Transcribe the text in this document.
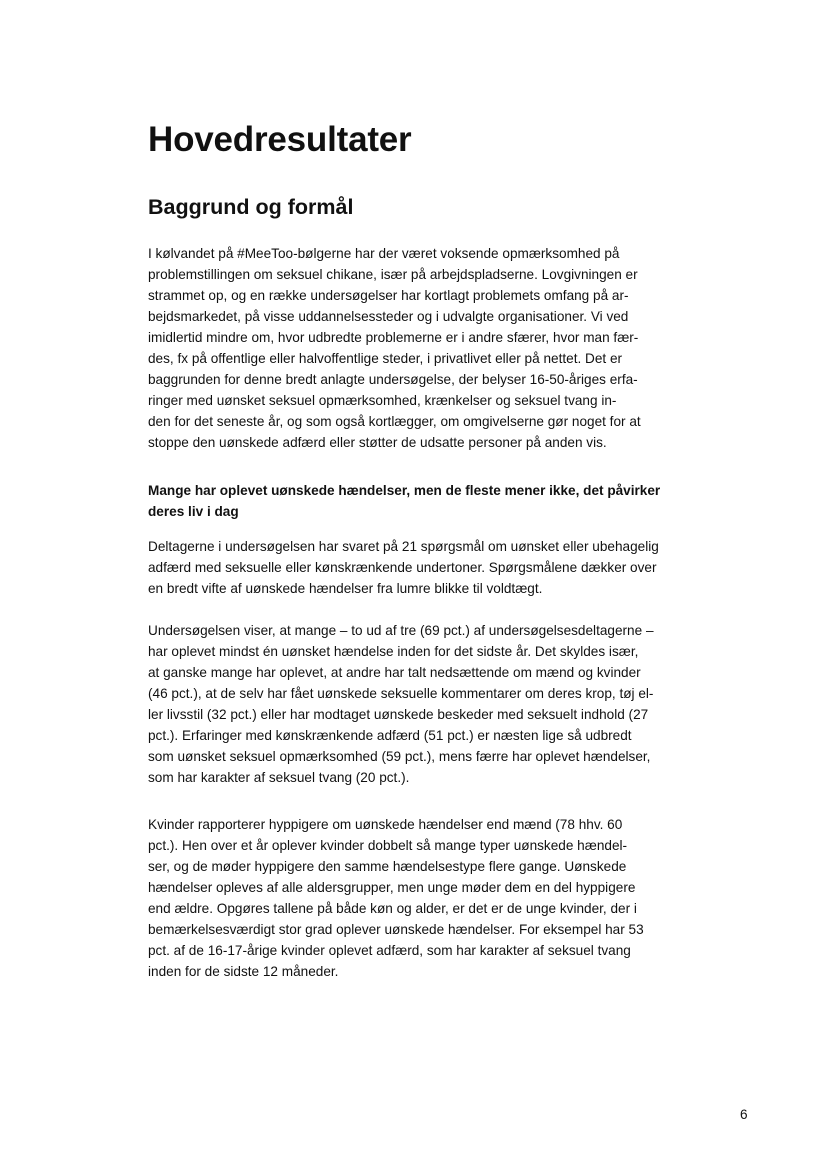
Hovedresultater
Baggrund og formål

I kølvandet på #MeeToo-bølgerne har der været voksende opmærksomhed på

problemstillingen om seksuel chikane, især på arbejdspladserne. Lovgivningen er

strammet op, og en række undersøgelser har kortlagt problemets omfang på ar-

bejdsmarkedet, på visse uddannelsessteder og i udvalgte organisationer. Vi ved

imidlertid mindre om, hvor udbredte problemerne er i andre sfærer, hvor man fær-

des, fx på offentlige eller halvoffentlige steder, i privatlivet eller på nettet. Det er

baggrunden for denne bredt anlagte undersøgelse, der belyser 16-50-åriges erfa-

ringer med uønsket seksuel opmærksomhed, krænkelser og seksuel tvang in-

den for det seneste år, og som også kortlægger, om omgivelserne gør noget for at

stoppe den uønskede adfærd eller støtter de udsatte personer på anden vis.

Mange har oplevet uønskede hændelser, men de fleste mener ikke, det påvirker

deres liv i dag

Deltagerne i undersøgelsen har svaret på 21 spørgsmål om uønsket eller ubehagelig

adfærd med seksuelle eller kønskrænkende undertoner. Spørgsmålene dækker over

en bredt vifte af uønskede hændelser fra lumre blikke til voldtægt.

Undersøgelsen viser, at mange – to ud af tre (69 pct.) af undersøgelsesdeltagerne –

har oplevet mindst én uønsket hændelse inden for det sidste år. Det skyldes især,

at ganske mange har oplevet, at andre har talt nedsættende om mænd og kvinder

(46 pct.), at de selv har fået uønskede seksuelle kommentarer om deres krop, tøj el-

ler livsstil (32 pct.) eller har modtaget uønskede beskeder med seksuelt indhold (27

pct.). Erfaringer med kønskrænkende adfærd (51 pct.) er næsten lige så udbredt

som uønsket seksuel opmærksomhed (59 pct.), mens færre har oplevet hændelser,

som har karakter af seksuel tvang (20 pct.).

Kvinder rapporterer hyppigere om uønskede hændelser end mænd (78 hhv. 60

pct.). Hen over et år oplever kvinder dobbelt så mange typer uønskede hændel-

ser, og de møder hyppigere den samme hændelsestype flere gange. Uønskede

hændelser opleves af alle aldersgrupper, men unge møder dem en del hyppigere

end ældre. Opgøres tallene på både køn og alder, er det er de unge kvinder, der i

bemærkelsesværdigt stor grad oplever uønskede hændelser. For eksempel har 53

pct. af de 16-17-årige kvinder oplevet adfærd, som har karakter af seksuel tvang

inden for de sidste 12 måneder.

6
